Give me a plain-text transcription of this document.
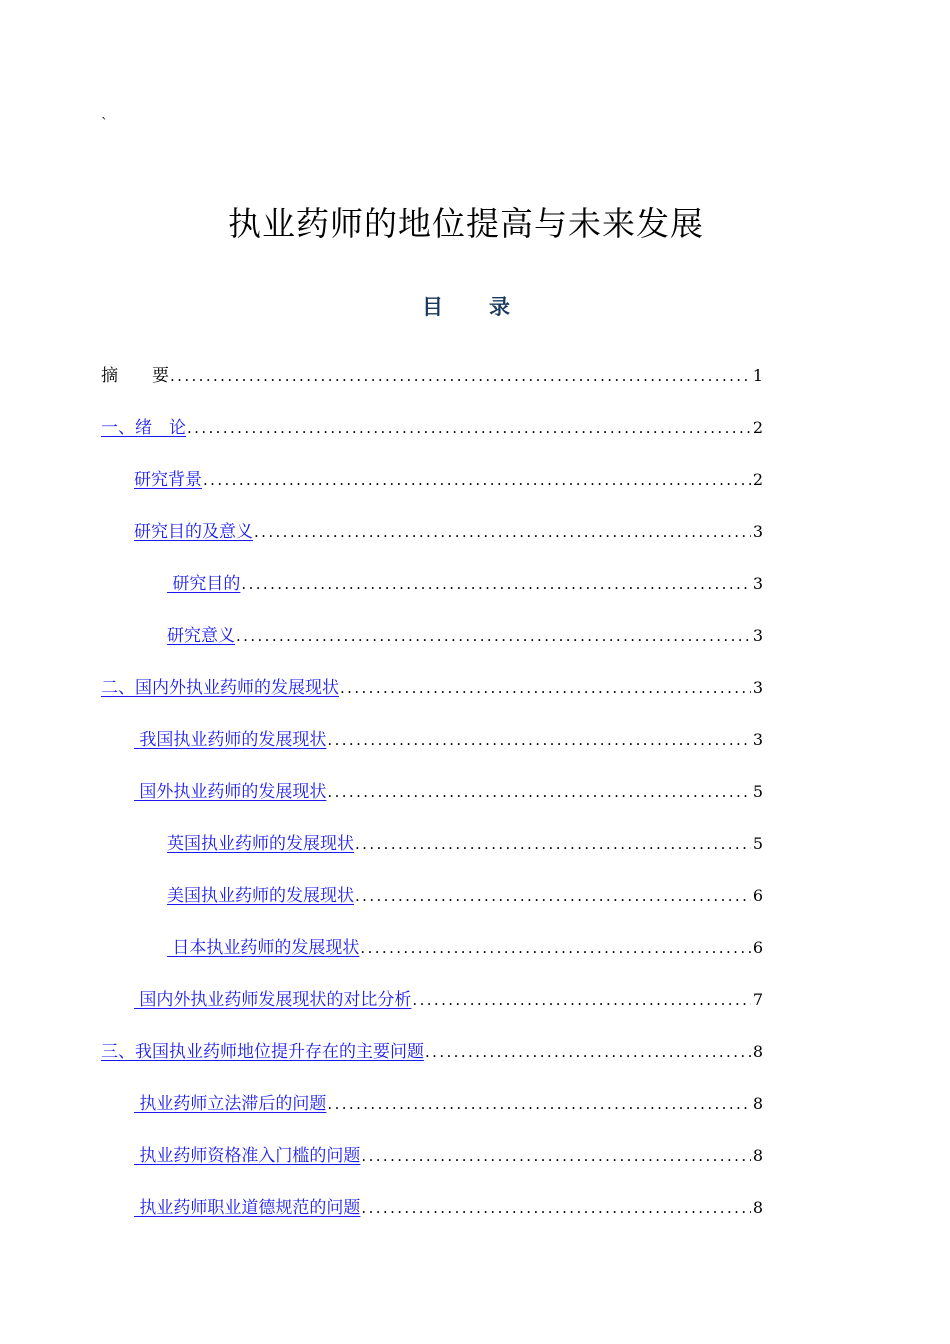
`
执业药师的地位提高与未来发展
目 录
摘　　要 .....	1
一、绪　论 .....	2
研究背景 .....	2
研究目的及意义 .....	3
研究目的 .....	3
研究意义 .....	3
二、国内外执业药师的发展现状 .....	3
我国执业药师的发展现状 .....	3
国外执业药师的发展现状 .....	5
英国执业药师的发展现状 .....	5
美国执业药师的发展现状 .....	6
日本执业药师的发展现状 .....	6
国内外执业药师发展现状的对比分析 .....	7
三、我国执业药师地位提升存在的主要问题 .....	8
执业药师立法滞后的问题 .....	8
执业药师资格准入门槛的问题 .....	8
执业药师职业道德规范的问题 .....	8
